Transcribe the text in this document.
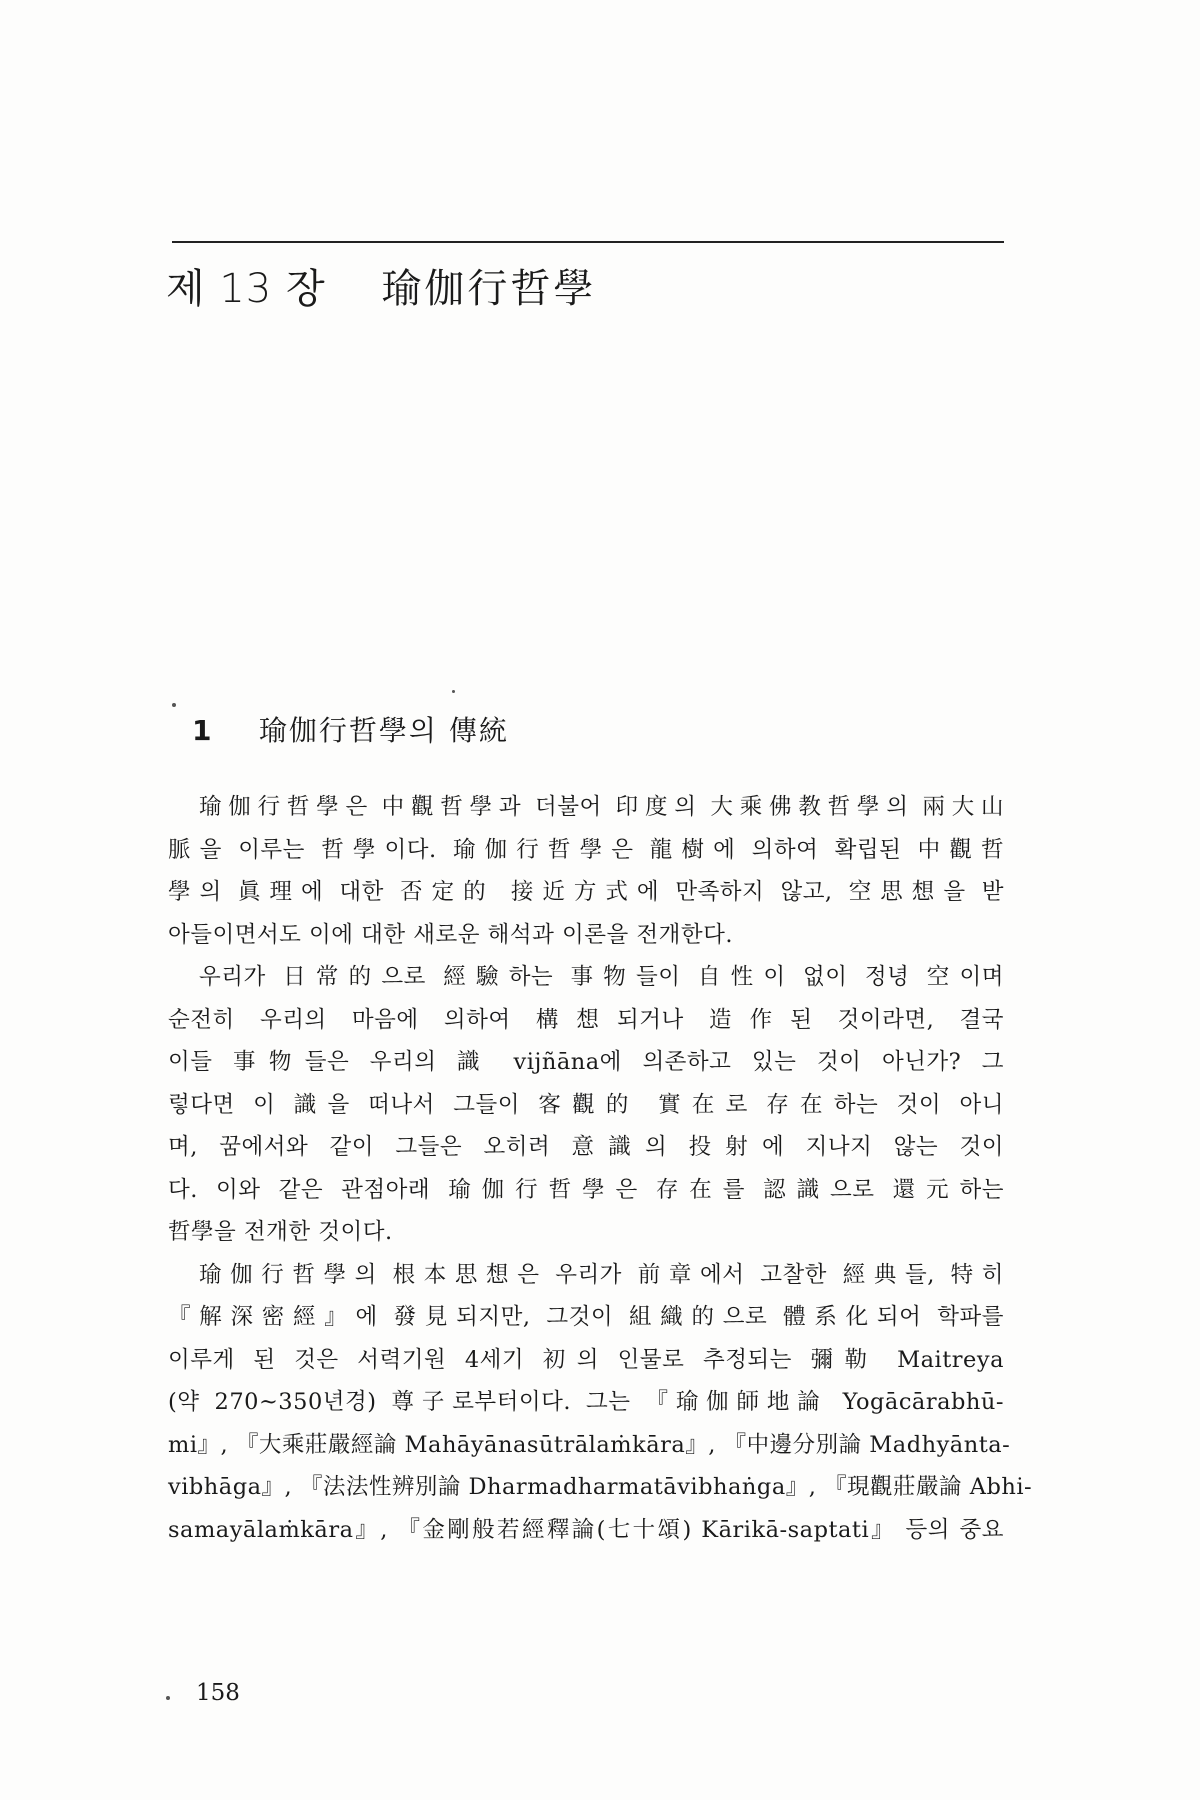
제 13 장 瑜伽行哲學
1 瑜伽行哲學의 傳統
瑜伽行哲學은 中觀哲學과 더불어 印度의 大乘佛教哲學의 兩大山
脈을 이루는 哲學이다. 瑜伽行哲學은 龍樹에 의하여 확립된 中觀哲
學의 眞理에 대한 否定的 接近方式에 만족하지 않고, 空思想을 받
아들이면서도 이에 대한 새로운 해석과 이론을 전개한다.
우리가 日常的으로 經驗하는 事物들이 自性이 없이 정녕 空이며
순전히 우리의 마음에 의하여 構想되거나 造作된 것이라면, 결국
이들 事物들은 우리의 識 vijñāna에 의존하고 있는 것이 아닌가? 그
렇다면 이 識을 떠나서 그들이 客觀的 實在로 存在하는 것이 아니
며, 꿈에서와 같이 그들은 오히려 意識의 投射에 지나지 않는 것이
다. 이와 같은 관점아래 瑜伽行哲學은 存在를 認識으로 還元하는
哲學을 전개한 것이다.
瑜伽行哲學의 根本思想은 우리가 前章에서 고찰한 經典들, 特히
『解深密經』에 發見되지만, 그것이 組織的으로 體系化되어 학파를
이루게 된 것은 서력기원 4세기 初의 인물로 추정되는 彌勒 Maitreya
(약 270~350년경) 尊子로부터이다. 그는 『瑜伽師地論 Yogācārabhū-
mi』, 『大乘莊嚴經論 Mahāyānasūtrālaṁkāra』, 『中邊分別論 Madhyānta-
vibhāga』, 『法法性辨別論 Dharmadharmatāvibhaṅga』, 『現觀莊嚴論 Abhi-
samayālaṁkāra』, 『金剛般若經釋論(七十頌) Kārikā-saptati』 등의 중요
158
